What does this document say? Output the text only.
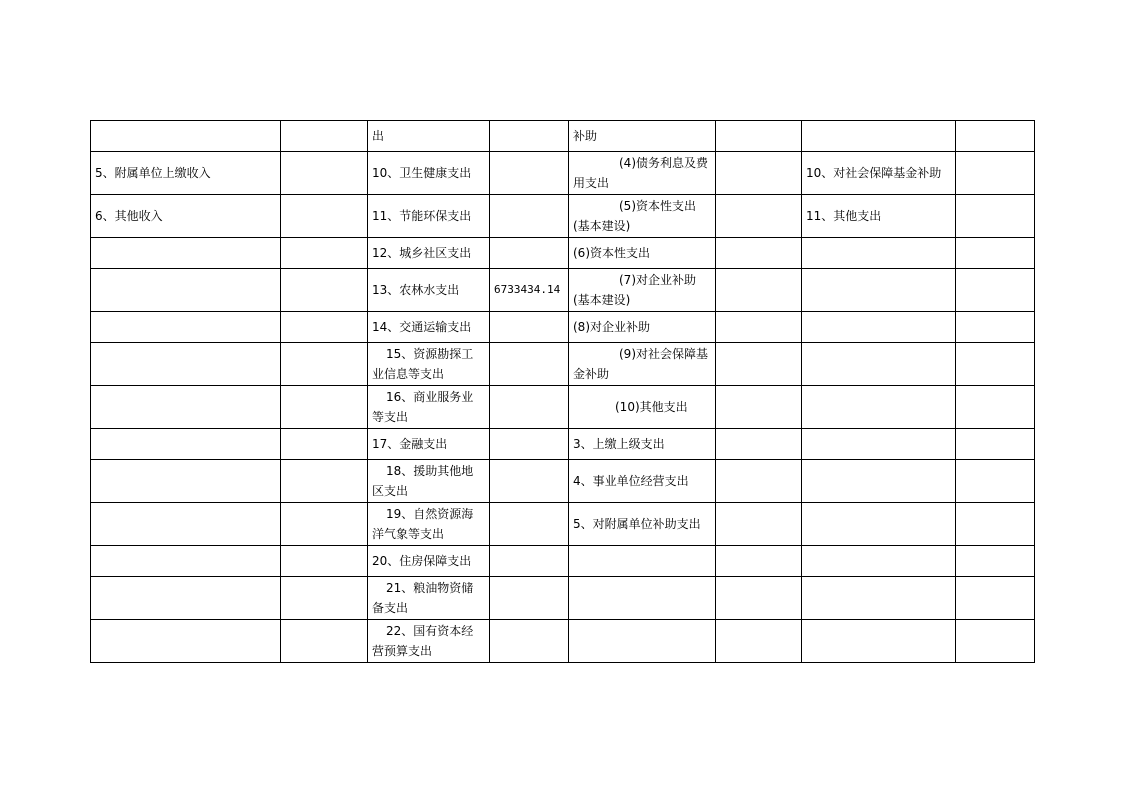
		出		补助			
5、附属单位上缴收入		10、卫生健康支出		(4)债务利息及费用支出		10、对社会保障基金补助	
6、其他收入		11、节能环保支出		(5)资本性支出(基本建设)		11、其他支出	
		12、城乡社区支出		(6)资本性支出			
		13、农林水支出	6733434.14	(7)对企业补助(基本建设)			
		14、交通运输支出		(8)对企业补助			
		15、资源勘探工业信息等支出		(9)对社会保障基金补助			
		16、商业服务业等支出		(10)其他支出			
		17、金融支出		3、上缴上级支出			
		18、援助其他地区支出		4、事业单位经营支出			
		19、自然资源海洋气象等支出		5、对附属单位补助支出			
		20、住房保障支出					
		21、粮油物资储备支出					
		22、国有资本经营预算支出					
